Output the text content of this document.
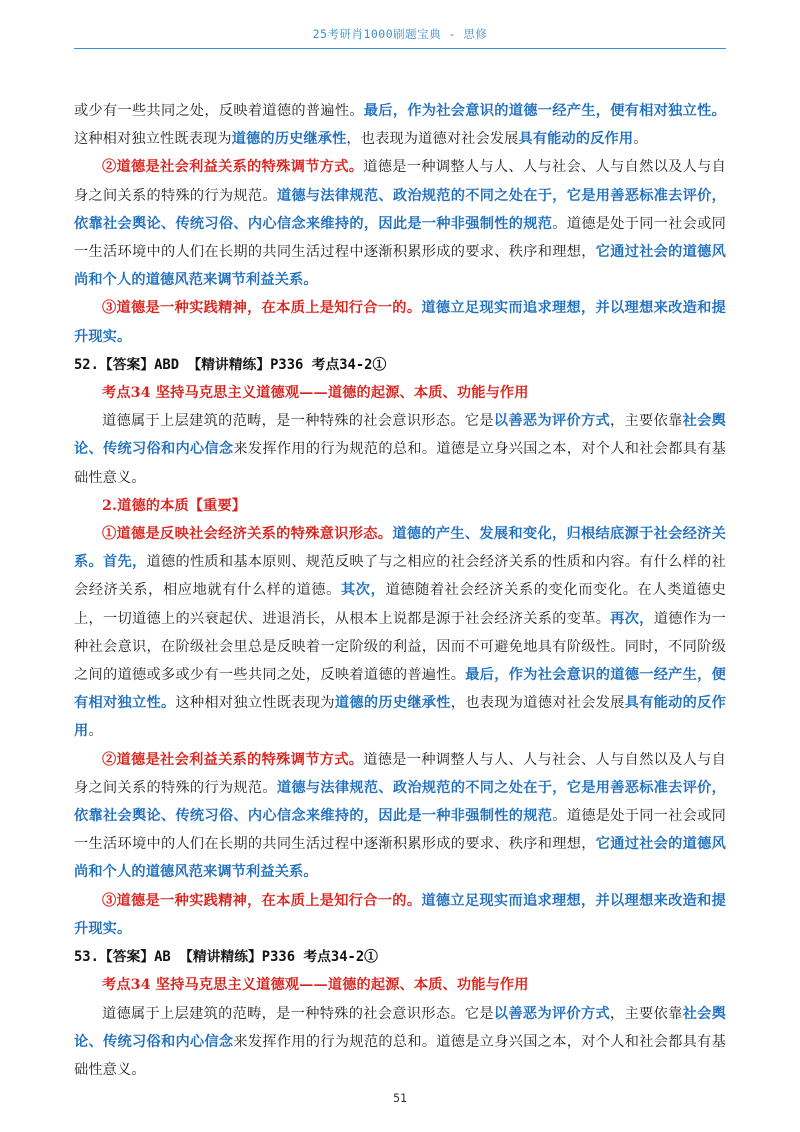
25考研肖1000刷题宝典 - 思修

或少有一些共同之处，反映着道德的普遍性。最后，作为社会意识的道德一经产生，便有相对独立性。这种相对独立性既表现为道德的历史继承性，也表现为道德对社会发展具有能动的反作用。

②道德是社会利益关系的特殊调节方式。道德是一种调整人与人、人与社会、人与自然以及人与自身之间关系的特殊的行为规范。道德与法律规范、政治规范的不同之处在于，它是用善恶标准去评价，依靠社会舆论、传统习俗、内心信念来维持的，因此是一种非强制性的规范。道德是处于同一社会或同一生活环境中的人们在长期的共同生活过程中逐渐积累形成的要求、秩序和理想，它通过社会的道德风尚和个人的道德风范来调节利益关系。

③道德是一种实践精神，在本质上是知行合一的。道德立足现实而追求理想，并以理想来改造和提升现实。

52.【答案】ABD 【精讲精练】P336 考点34-2①

考点34 坚持马克思主义道德观——道德的起源、本质、功能与作用

道德属于上层建筑的范畴，是一种特殊的社会意识形态。它是以善恶为评价方式，主要依靠社会舆论、传统习俗和内心信念来发挥作用的行为规范的总和。道德是立身兴国之本，对个人和社会都具有基础性意义。

2.道德的本质【重要】

①道德是反映社会经济关系的特殊意识形态。道德的产生、发展和变化，归根结底源于社会经济关系。首先，道德的性质和基本原则、规范反映了与之相应的社会经济关系的性质和内容。有什么样的社会经济关系，相应地就有什么样的道德。其次，道德随着社会经济关系的变化而变化。在人类道德史上，一切道德上的兴衰起伏、进退消长，从根本上说都是源于社会经济关系的变革。再次，道德作为一种社会意识，在阶级社会里总是反映着一定阶级的利益，因而不可避免地具有阶级性。同时，不同阶级之间的道德或多或少有一些共同之处，反映着道德的普遍性。最后，作为社会意识的道德一经产生，便有相对独立性。这种相对独立性既表现为道德的历史继承性，也表现为道德对社会发展具有能动的反作用。

②道德是社会利益关系的特殊调节方式。道德是一种调整人与人、人与社会、人与自然以及人与自身之间关系的特殊的行为规范。道德与法律规范、政治规范的不同之处在于，它是用善恶标准去评价，依靠社会舆论、传统习俗、内心信念来维持的，因此是一种非强制性的规范。道德是处于同一社会或同一生活环境中的人们在长期的共同生活过程中逐渐积累形成的要求、秩序和理想，它通过社会的道德风尚和个人的道德风范来调节利益关系。

③道德是一种实践精神，在本质上是知行合一的。道德立足现实而追求理想，并以理想来改造和提升现实。

53.【答案】AB 【精讲精练】P336 考点34-2①

考点34 坚持马克思主义道德观——道德的起源、本质、功能与作用

道德属于上层建筑的范畴，是一种特殊的社会意识形态。它是以善恶为评价方式，主要依靠社会舆论、传统习俗和内心信念来发挥作用的行为规范的总和。道德是立身兴国之本，对个人和社会都具有基础性意义。

51
